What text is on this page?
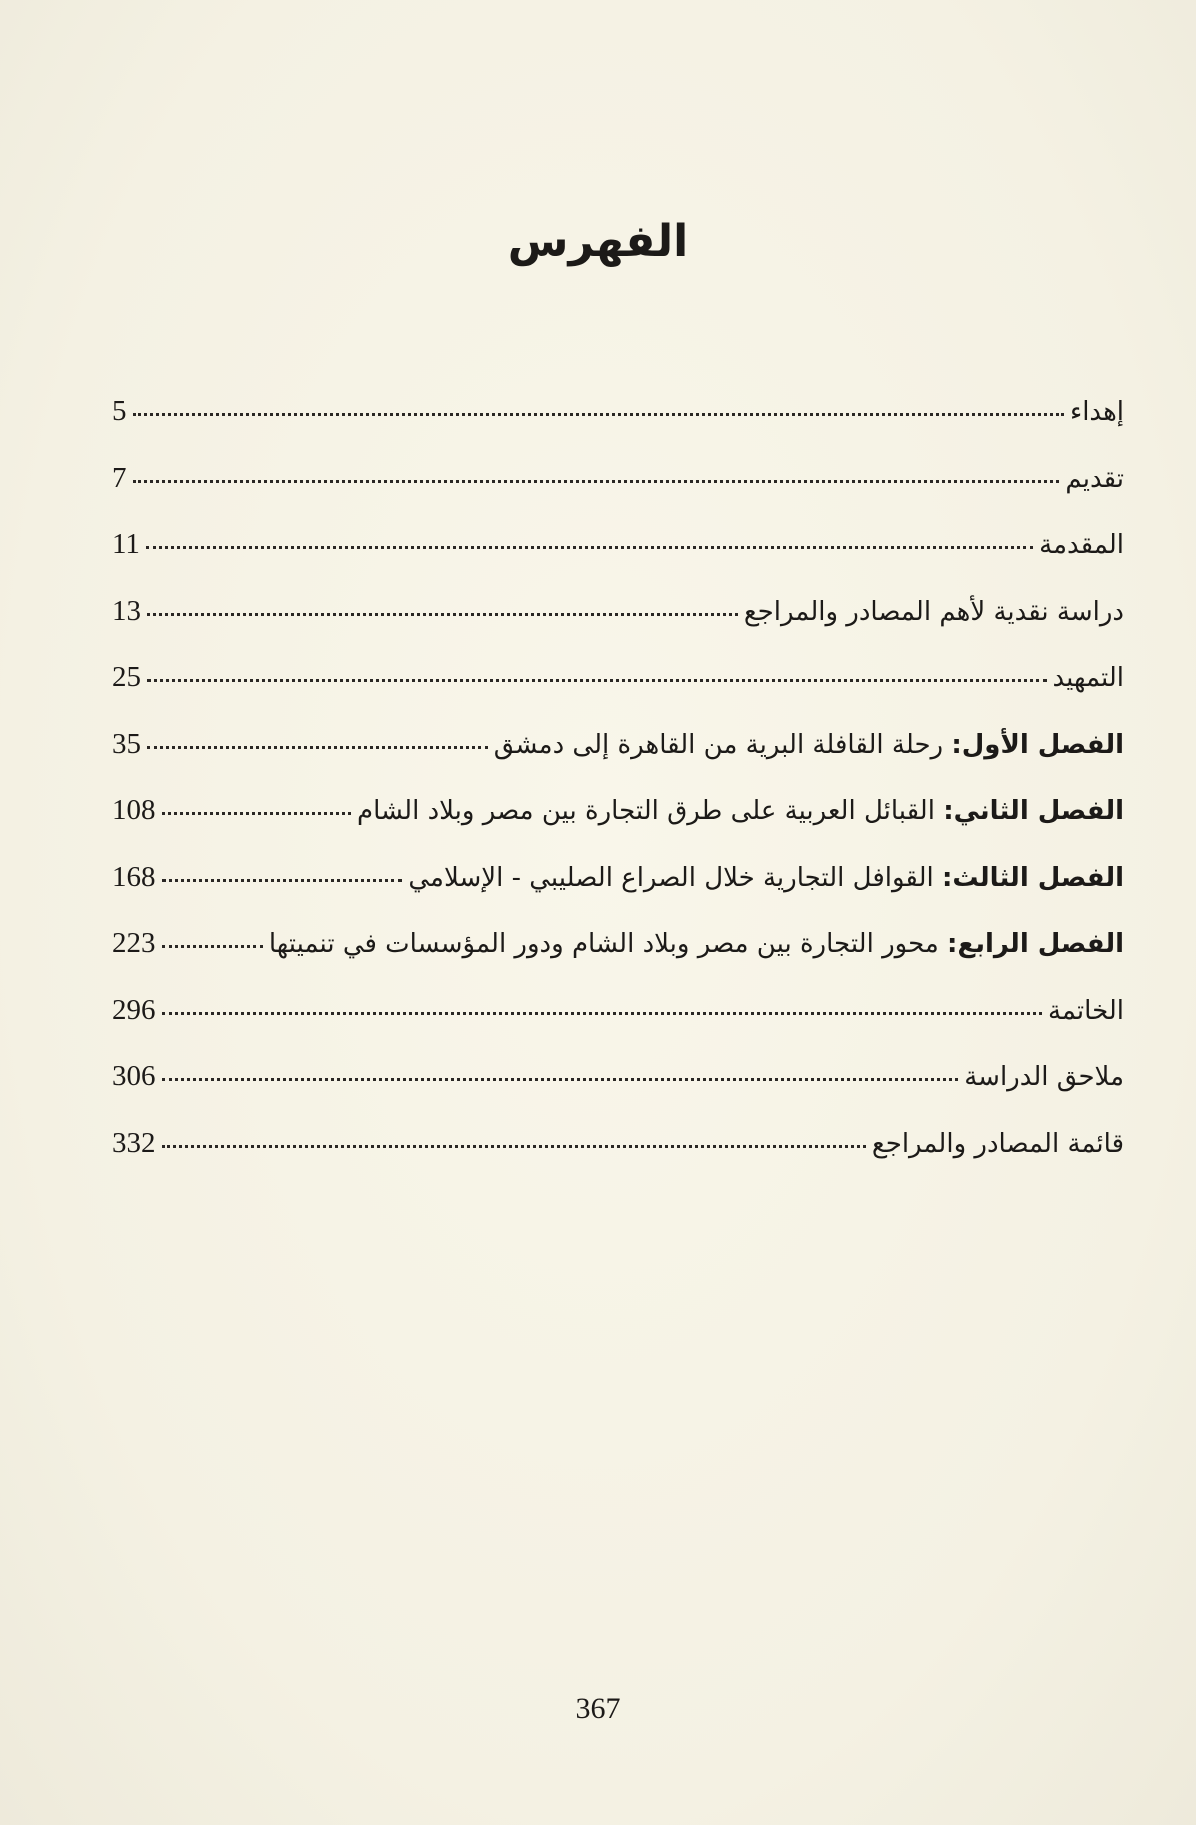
الفهرس
إهداء
5
تقديم
7
المقدمة
11
دراسة نقدية لأهم المصادر والمراجع
13
التمهيد
25
الفصل الأول: رحلة القافلة البرية من القاهرة إلى دمشق
35
الفصل الثاني: القبائل العربية على طرق التجارة بين مصر وبلاد الشام
108
الفصل الثالث: القوافل التجارية خلال الصراع الصليبي - الإسلامي
168
الفصل الرابع: محور التجارة بين مصر وبلاد الشام ودور المؤسسات في تنميتها
223
الخاتمة
296
ملاحق الدراسة
306
قائمة المصادر والمراجع
332
367
